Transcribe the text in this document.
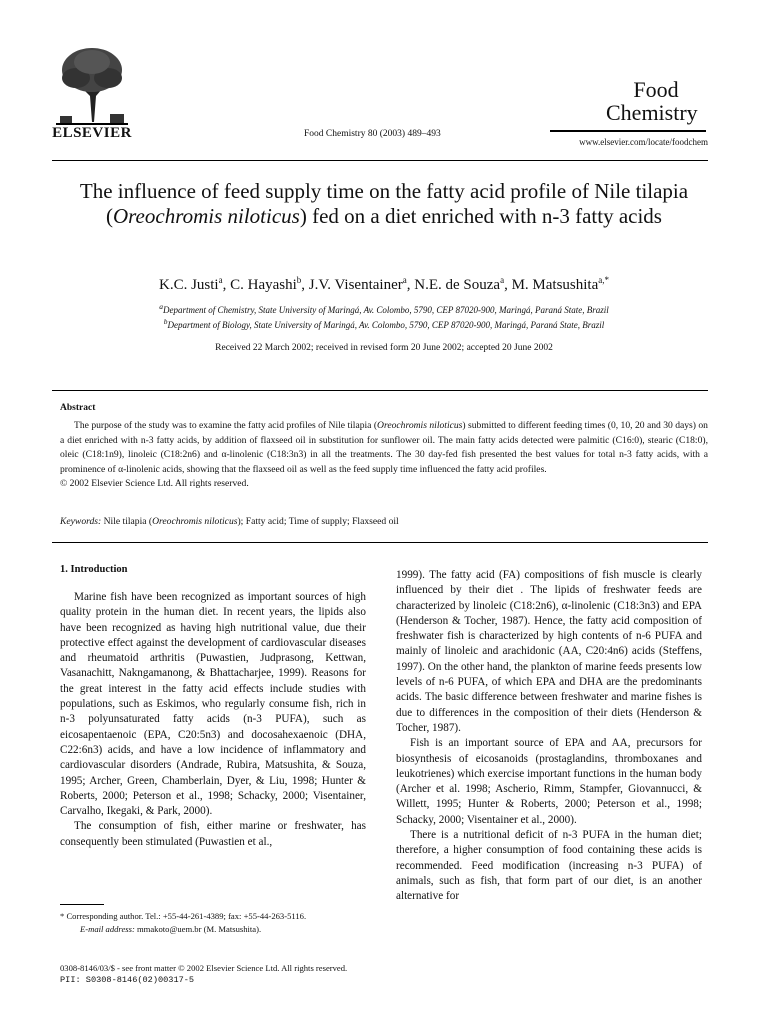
ELSEVIER	Food Chemistry 80 (2003) 489–493
Food
Chemistry
www.elsevier.com/locate/foodchem
The influence of feed supply time on the fatty acid profile of Nile tilapia (Oreochromis niloticus) fed on a diet enriched with n-3 fatty acids
K.C. Justi$^a$, C. Hayashi$^b$, J.V. Visentainer$^a$, N.E. de Souza$^a$, M. Matsushita$^{a,*}$
$^a$Department of Chemistry, State University of Maringá, Av. Colombo, 5790, CEP 87020-900, Maringá, Paraná State, Brazil
$^b$Department of Biology, State University of Maringá, Av. Colombo, 5790, CEP 87020-900, Maringá, Paraná State, Brazil
Received 22 March 2002; received in revised form 20 June 2002; accepted 20 June 2002
Abstract
The purpose of the study was to examine the fatty acid profiles of Nile tilapia (Oreochromis niloticus) submitted to different feeding times (0, 10, 20 and 30 days) on a diet enriched with n-3 fatty acids, by addition of flaxseed oil in substitution for sunflower oil. The main fatty acids detected were palmitic (C16:0), stearic (C18:0), oleic (C18:1n9), linoleic (C18:2n6) and α-linolenic (C18:3n3) in all the treatments. The 30 day-fed fish presented the best values for total n-3 fatty acids, with a prominence of α-linolenic acids, showing that the flaxseed oil as well as the feed supply time influenced the fatty acid profiles.
© 2002 Elsevier Science Ltd. All rights reserved.
Keywords: Nile tilapia (Oreochromis niloticus); Fatty acid; Time of supply; Flaxseed oil
1. Introduction

Marine fish have been recognized as important sources of high quality protein in the human diet. In recent years, the lipids also have been recognized as having high nutritional value, due their protective effect against the development of cardiovascular diseases and rheumatoid arthritis (Puwastien, Judprasong, Kettwan, Vasanachitt, Nakngamanong, & Bhattacharjee, 1999). Reasons for the great interest in the fatty acid effects include studies with populations, such as Eskimos, who regularly consume fish, rich in n-3 polyunsaturated fatty acids (n-3 PUFA), such as eicosapentaenoic (EPA, C20:5n3) and docosahexaenoic (DHA, C22:6n3) acids, and have a low incidence of inflammatory and cardiovascular disorders (Andrade, Rubira, Matsushita, & Souza, 1995; Archer, Green, Chamberlain, Dyer, & Liu, 1998; Hunter & Roberts, 2000; Peterson et al., 1998; Schacky, 2000; Visentainer, Carvalho, Ikegaki, & Park, 2000).

The consumption of fish, either marine or freshwater, has consequently been stimulated (Puwastien et al.,

1999). The fatty acid (FA) compositions of fish muscle is clearly influenced by their diet . The lipids of freshwater feeds are characterized by linoleic (C18:2n6), α-linolenic (C18:3n3) and EPA (Henderson & Tocher, 1987). Hence, the fatty acid composition of freshwater fish is characterized by high contents of n-6 PUFA and mainly of linoleic and arachidonic (AA, C20:4n6) acids (Steffens, 1997). On the other hand, the plankton of marine feeds presents low levels of n-6 PUFA, of which EPA and DHA are the predominants acids. The basic difference between freshwater and marine fishes is due to differences in the composition of their diets (Henderson & Tocher, 1987).

Fish is an important source of EPA and AA, precursors for biosynthesis of eicosanoids (prostaglandins, thromboxanes and leukotrienes) which exercise important functions in the human body (Archer et al. 1998; Ascherio, Rimm, Stampfer, Giovannucci, & Willett, 1995; Hunter & Roberts, 2000; Peterson et al., 1998; Schacky, 2000; Visentainer et al., 2000).

There is a nutritional deficit of n-3 PUFA in the human diet; therefore, a higher consumption of food containing these acids is recommended. Feed modification (increasing n-3 PUFA) of animals, such as fish, that form part of our diet, is an another alternative for

* Corresponding author. Tel.: +55-44-261-4389; fax: +55-44-263-5116.

E-mail address: mmakoto@uem.br (M. Matsushita).

0308-8146/03/$ - see front matter © 2002 Elsevier Science Ltd. All rights reserved.
PII: S0308-8146(02)00317-5
